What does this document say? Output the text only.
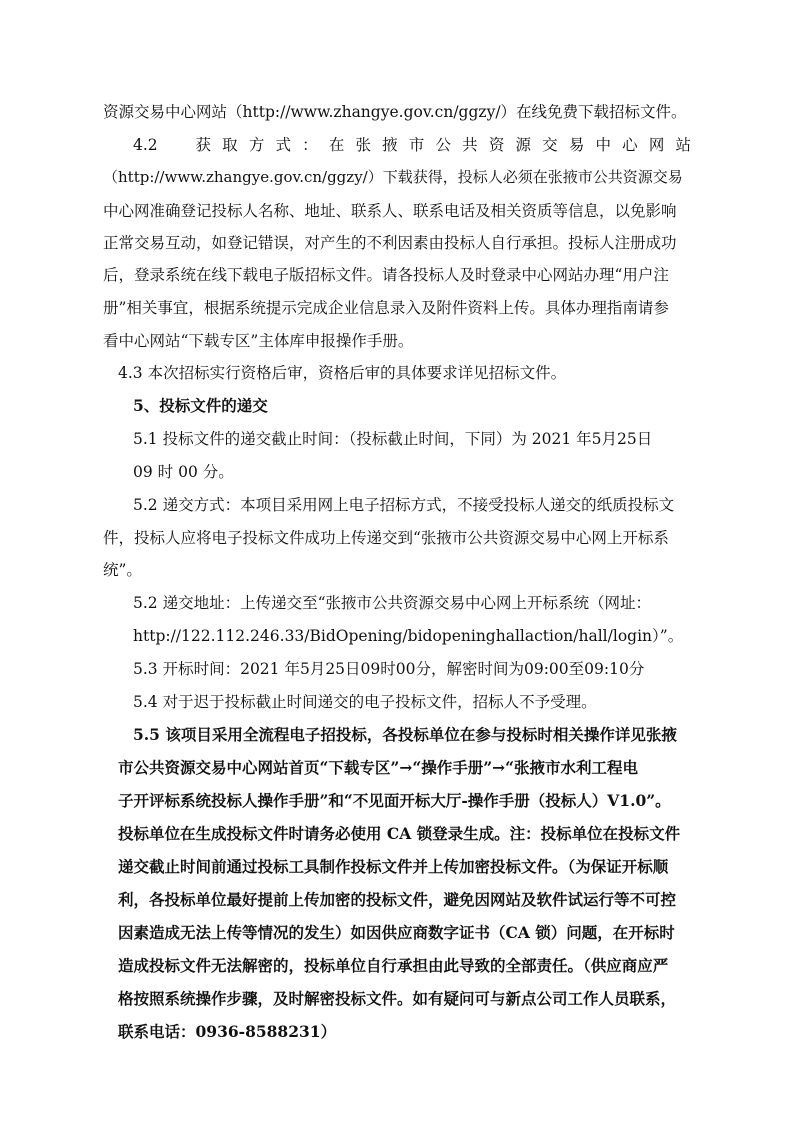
资源交易中心网站（http://www.zhangye.gov.cn/ggzy/）在线免费下载招标文件。
4.2　获取方式：在张掖市公共资源交易中心网站
（http://www.zhangye.gov.cn/ggzy/）下载获得，投标人必须在张掖市公共资源交易
中心网准确登记投标人名称、地址、联系人、联系电话及相关资质等信息，以免影响
正常交易互动，如登记错误，对产生的不利因素由投标人自行承担。投标人注册成功
后，登录系统在线下载电子版招标文件。请各投标人及时登录中心网站办理“用户注
册”相关事宜，根据系统提示完成企业信息录入及附件资料上传。具体办理指南请参
看中心网站“下载专区”主体库申报操作手册。
4.3 本次招标实行资格后审，资格后审的具体要求详见招标文件。
5、投标文件的递交
5.1 投标文件的递交截止时间：（投标截止时间，下同）为 2021 年5月25日
09 时 00 分。
5.2 递交方式：本项目采用网上电子招标方式，不接受投标人递交的纸质投标文
件，投标人应将电子投标文件成功上传递交到“张掖市公共资源交易中心网上开标系
统”。
5.2 递交地址：上传递交至“张掖市公共资源交易中心网上开标系统（网址：
http://122.112.246.33/BidOpening/bidopeninghallaction/hall/login）”。
5.3 开标时间：2021 年5月25日09时00分，解密时间为09:00至09:10分
5.4 对于迟于投标截止时间递交的电子投标文件，招标人不予受理。
5.5 该项目采用全流程电子招投标，各投标单位在参与投标时相关操作详见张掖
市公共资源交易中心网站首页“下载专区”→“操作手册”→“张掖市水利工程电
子开评标系统投标人操作手册”和“不见面开标大厅-操作手册（投标人）V1.0”。
投标单位在生成投标文件时请务必使用 CA 锁登录生成。注：投标单位在投标文件
递交截止时间前通过投标工具制作投标文件并上传加密投标文件。（为保证开标顺
利，各投标单位最好提前上传加密的投标文件，避免因网站及软件试运行等不可控
因素造成无法上传等情况的发生）如因供应商数字证书（CA 锁）问题，在开标时
造成投标文件无法解密的，投标单位自行承担由此导致的全部责任。（供应商应严
格按照系统操作步骤，及时解密投标文件。如有疑问可与新点公司工作人员联系，
联系电话：0936-8588231）
